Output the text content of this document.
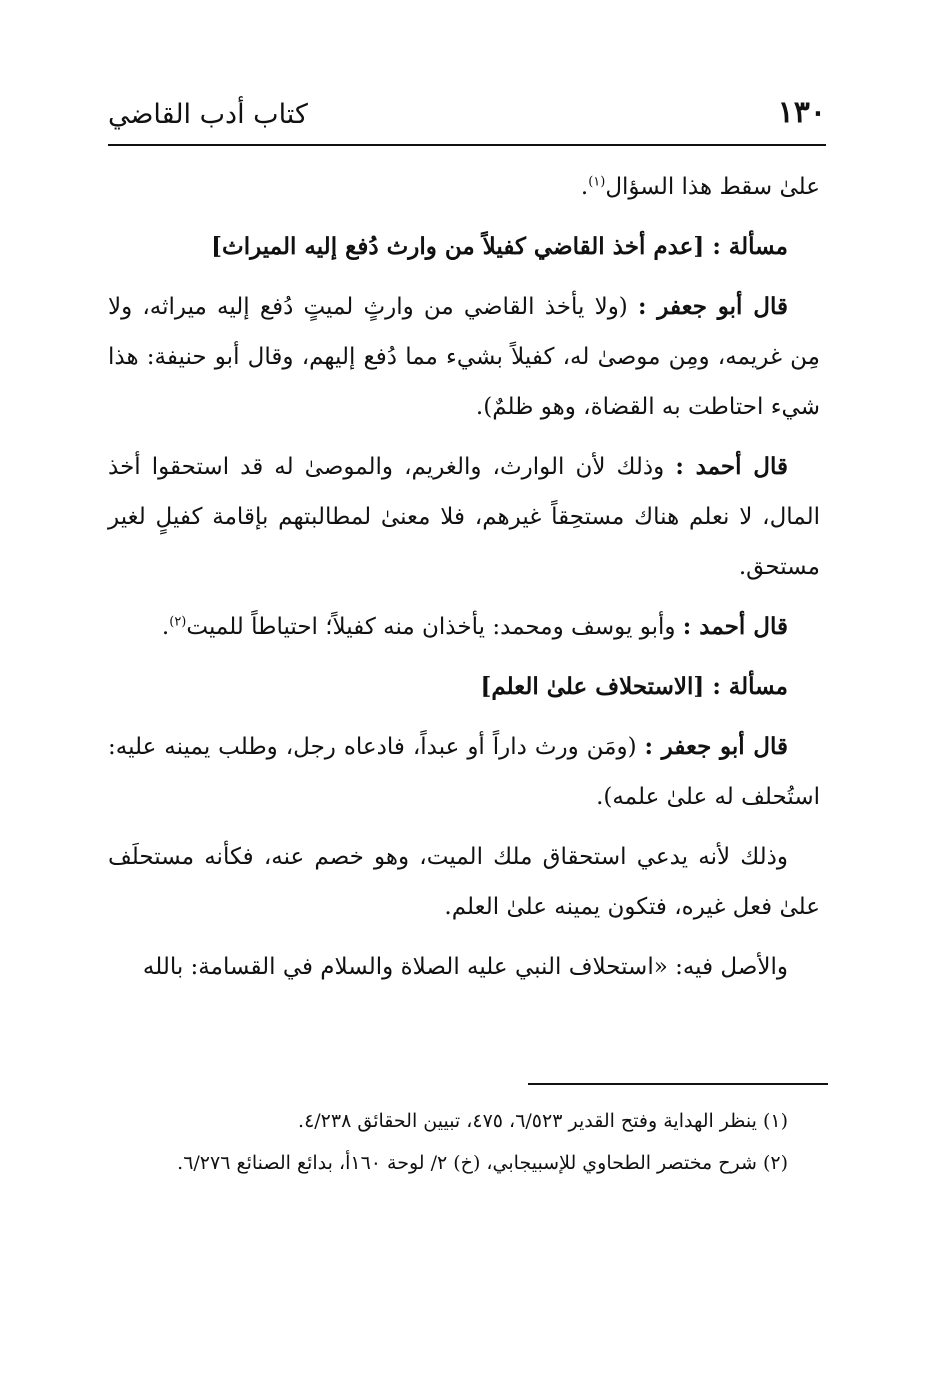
١٣٠
كتاب أدب القاضي

علىٰ سقط هذا السؤال$^{(١)}$.

مسألة : [عدم أخذ القاضي كفيلاً من وارث دُفع إليه الميراث]

قال أبو جعفر : (ولا يأخذ القاضي من وارثٍ لميتٍ دُفع إليه ميراثه، ولا مِن غريمه، ومِن موصىٰ له، كفيلاً بشيء مما دُفع إليهم، وقال أبو حنيفة: هذا شيء احتاطت به القضاة، وهو ظلمٌ).

قال أحمد : وذلك لأن الوارث، والغريم، والموصىٰ له قد استحقوا أخذ المال، لا نعلم هناك مستحِقاً غيرهم، فلا معنىٰ لمطالبتهم بإقامة كفيلٍ لغير مستحق.

قال أحمد : وأبو يوسف ومحمد: يأخذان منه كفيلاً؛ احتياطاً للميت$^{(٢)}$.

مسألة : [الاستحلاف علىٰ العلم]

قال أبو جعفر : (ومَن ورث داراً أو عبداً، فادعاه رجل، وطلب يمينه عليه: استُحلف له علىٰ علمه).

وذلك لأنه يدعي استحقاق ملك الميت، وهو خصم عنه، فكأنه مستحلَف علىٰ فعل غيره، فتكون يمينه علىٰ العلم.

والأصل فيه: «استحلاف النبي عليه الصلاة والسلام في القسامة: بالله

(١) ينظر الهداية وفتح القدير ٦/٥٢٣، ٤٧٥، تبيين الحقائق ٤/٢٣٨.

(٢) شرح مختصر الطحاوي للإسبيجابي، (خ) ٢/ لوحة ١٦٠أ، بدائع الصنائع ٦/٢٧٦.
